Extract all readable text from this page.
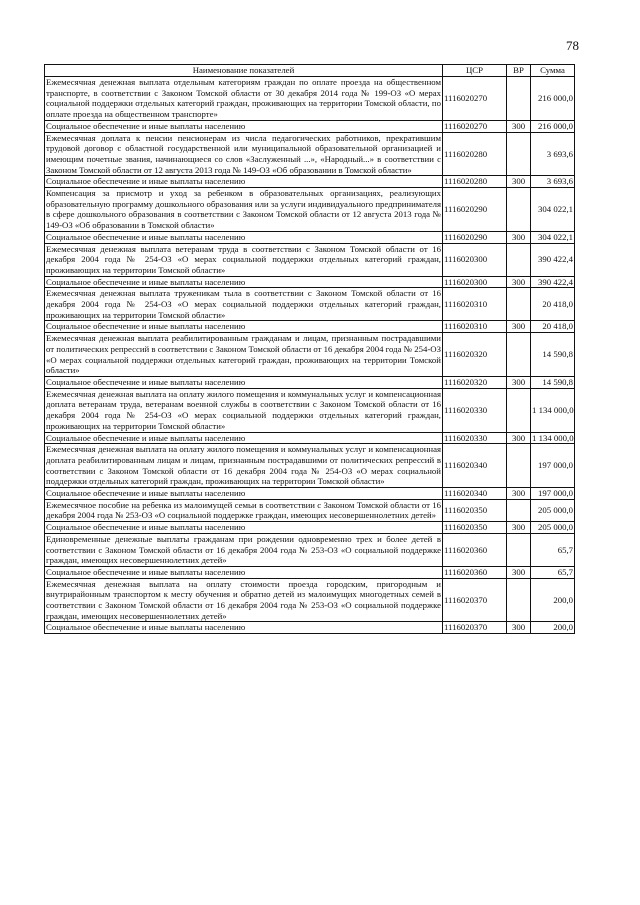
78
Наименование показателей	ЦСР	ВР	Сумма
Ежемесячная денежная выплата отдельным категориям граждан по оплате проезда на общественном транспорте, в соответствии с Законом Томской области от 30 декабря 2014 года № 199-ОЗ «О мерах социальной поддержки отдельных категорий граждан, проживающих на территории Томской области, по оплате проезда на общественном транспорте»	1116020270		216 000,0
Социальное обеспечение и иные выплаты населению	1116020270	300	216 000,0
Ежемесячная доплата к пенсии пенсионерам из числа педагогических работников, прекратившим трудовой договор с областной государственной или муниципальной образовательной организацией и имеющим почетные звания, начинающиеся со слов «Заслуженный ...», «Народный...» в соответствии с Законом Томской области от 12 августа 2013 года № 149-ОЗ «Об образовании в Томской области»	1116020280		3 693,6
Социальное обеспечение и иные выплаты населению	1116020280	300	3 693,6
Компенсация за присмотр и уход за ребенком в образовательных организациях, реализующих образовательную программу дошкольного образования или за услуги индивидуального предпринимателя в сфере дошкольного образования в соответствии с Законом Томской области от 12 августа 2013 года № 149-ОЗ «Об образовании в Томской области»	1116020290		304 022,1
Социальное обеспечение и иные выплаты населению	1116020290	300	304 022,1
Ежемесячная денежная выплата ветеранам труда в соответствии с Законом Томской области от 16 декабря 2004 года № 254-ОЗ «О мерах социальной поддержки отдельных категорий граждан, проживающих на территории Томской области»	1116020300		390 422,4
Социальное обеспечение и иные выплаты населению	1116020300	300	390 422,4
Ежемесячная денежная выплата труженикам тыла в соответствии с Законом Томской области от 16 декабря 2004 года № 254-ОЗ «О мерах социальной поддержки отдельных категорий граждан, проживающих на территории Томской области»	1116020310		20 418,0
Социальное обеспечение и иные выплаты населению	1116020310	300	20 418,0
Ежемесячная денежная выплата реабилитированным гражданам и лицам, признанным пострадавшими от политических репрессий в соответствии с Законом Томской области от 16 декабря 2004 года № 254-ОЗ «О мерах социальной поддержки отдельных категорий граждан, проживающих на территории Томской области»	1116020320		14 590,8
Социальное обеспечение и иные выплаты населению	1116020320	300	14 590,8
Ежемесячная денежная выплата на оплату жилого помещения и коммунальных услуг и компенсационная доплата ветеранам труда, ветеранам военной службы в соответствии с Законом Томской области от 16 декабря 2004 года № 254-ОЗ «О мерах социальной поддержки отдельных категорий граждан, проживающих на территории Томской области»	1116020330		1 134 000,0
Социальное обеспечение и иные выплаты населению	1116020330	300	1 134 000,0
Ежемесячная денежная выплата на оплату жилого помещения и коммунальных услуг и компенсационная доплата реабилитированным лицам и лицам, признанным пострадавшими от политических репрессий в соответствии с Законом Томской области от 16 декабря 2004 года № 254-ОЗ «О мерах социальной поддержки отдельных категорий граждан, проживающих на территории Томской области»	1116020340		197 000,0
Социальное обеспечение и иные выплаты населению	1116020340	300	197 000,0
Ежемесячное пособие на ребенка из малоимущей семьи в соответствии с Законом Томской области от 16 декабря 2004 года № 253-ОЗ «О социальной поддержке граждан, имеющих несовершеннолетних детей»	1116020350		205 000,0
Социальное обеспечение и иные выплаты населению	1116020350	300	205 000,0
Единовременные денежные выплаты гражданам при рождении одновременно трех и более детей в соответствии с Законом Томской области от 16 декабря 2004 года № 253-ОЗ «О социальной поддержке граждан, имеющих несовершеннолетних детей»	1116020360		65,7
Социальное обеспечение и иные выплаты населению	1116020360	300	65,7
Ежемесячная денежная выплата на оплату стоимости проезда городским, пригородным и внутрирайонным транспортом к месту обучения и обратно детей из малоимущих многодетных семей в соответствии с Законом Томской области от 16 декабря 2004 года № 253-ОЗ «О социальной поддержке граждан, имеющих несовершеннолетних детей»	1116020370		200,0
Социальное обеспечение и иные выплаты населению	1116020370	300	200,0
